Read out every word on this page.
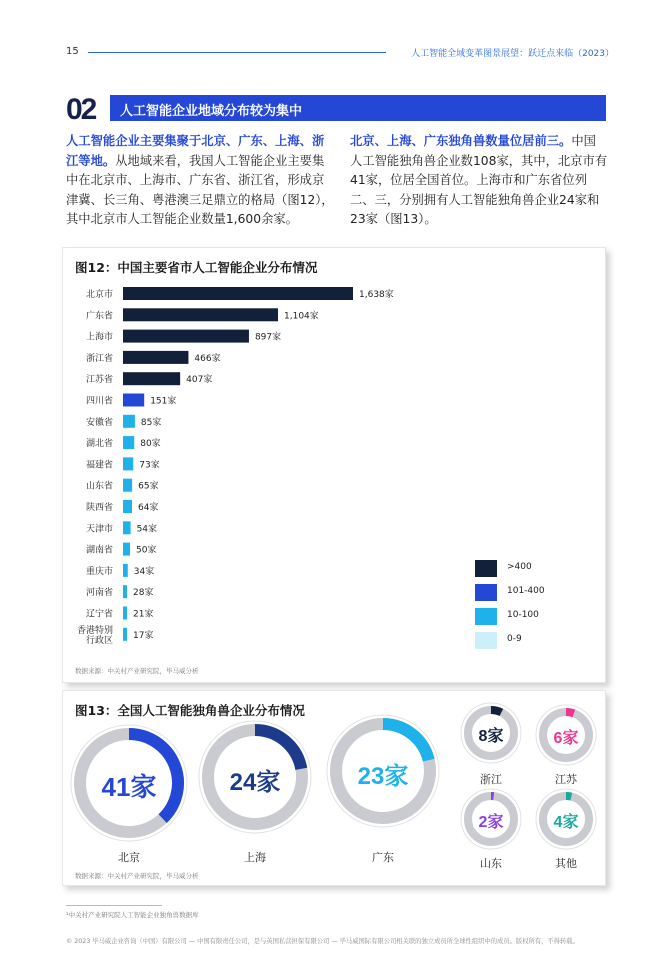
15	人工智能全域变革图景展望：跃迁点来临（2023）
02 人工智能企业地域分布较为集中
人工智能企业主要集聚于北京、广东、上海、浙江等地。从地域来看，我国人工智能企业主要集中在北京市、上海市、广东省、浙江省，形成京津冀、长三角、粤港澳三足鼎立的格局（图12），其中北京市人工智能企业数量1,600余家。
北京、上海、广东独角兽数量位居前三。中国人工智能独角兽企业数108家，其中，北京市有41家，位居全国首位。上海市和广东省位列二、三，分别拥有人工智能独角兽企业24家和23家（图13）。
图12：中国主要省市人工智能企业分布情况
北京市	1,638家
广东省	1,104家
上海市	897家
浙江省	466家
江苏省	407家
四川省	151家
安徽省	85家
湖北省	80家
福建省	73家
山东省	65家
陕西省	64家
天津市	54家
湖南省	50家
重庆市 34家
河南省 28家
辽宁省 21家
香港特别
行政区 17家
>400
101-400
10-100
0-9
数据来源：中关村产业研究院，毕马威分析
图13：全国人工智能独角兽企业分布情况
41家
北京
24家
上海
23家
广东
8家
浙江
6家
江苏
2家
山东
4家
其他
数据来源：中关村产业研究院，毕马威分析
¹中关村产业研究院人工智能企业独角兽数据库
© 2023 毕马威企业咨询（中国）有限公司 — 中国有限责任公司，是与英国私营担保有限公司 — 毕马威国际有限公司相关联的独立成员所全球性组织中的成员。版权所有，不得转载。
